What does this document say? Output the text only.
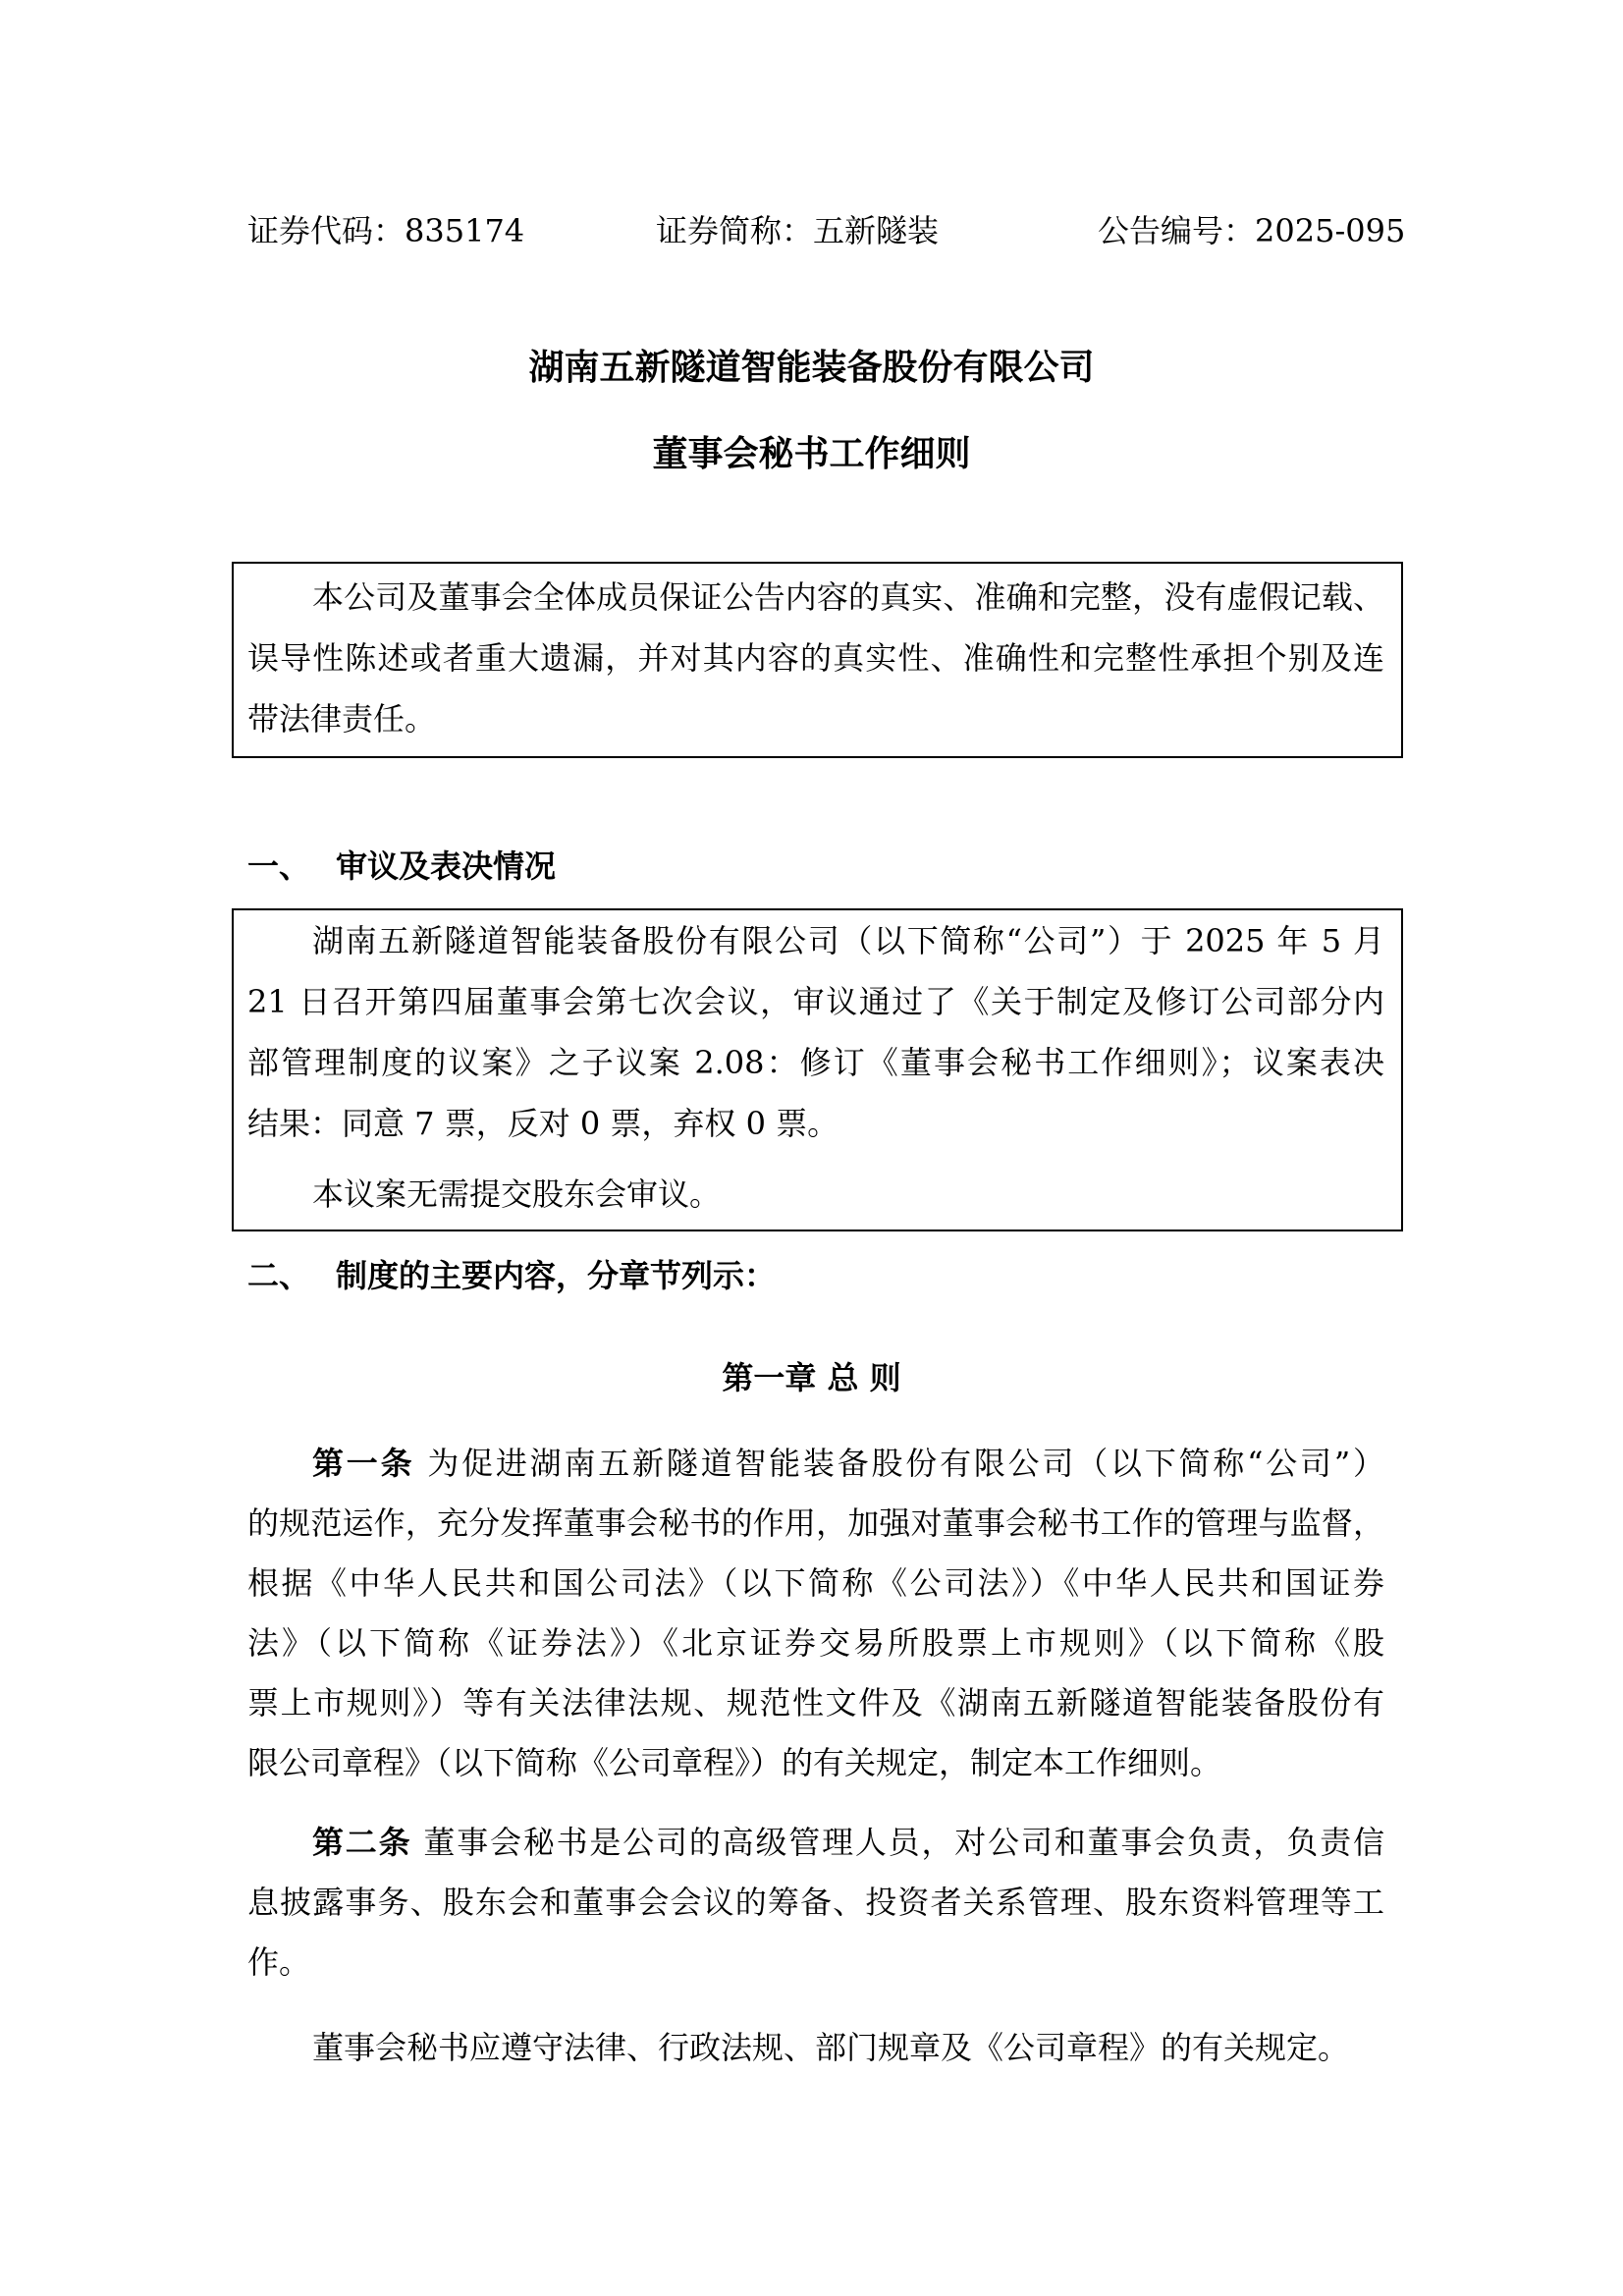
证券代码：835174	证券简称：五新隧装	公告编号：2025-095
湖南五新隧道智能装备股份有限公司
董事会秘书工作细则
本公司及董事会全体成员保证公告内容的真实、准确和完整，没有虚假记载、
误导性陈述或者重大遗漏，并对其内容的真实性、准确性和完整性承担个别及连
带法律责任。
一、 审议及表决情况
湖南五新隧道智能装备股份有限公司（以下简称“公司”）于 2025 年 5 月
21 日召开第四届董事会第七次会议，审议通过了《关于制定及修订公司部分内
部管理制度的议案》之子议案 2.08：修订《董事会秘书工作细则》；议案表决
结果：同意 7 票，反对 0 票，弃权 0 票。
本议案无需提交股东会审议。
二、 制度的主要内容，分章节列示：
第一章 总 则
第一条 为促进湖南五新隧道智能装备股份有限公司（以下简称“公司”）
的规范运作，充分发挥董事会秘书的作用，加强对董事会秘书工作的管理与监督，
根据《中华人民共和国公司法》（以下简称《公司法》）《中华人民共和国证券
法》（以下简称《证券法》）《北京证券交易所股票上市规则》（以下简称《股
票上市规则》）等有关法律法规、规范性文件及《湖南五新隧道智能装备股份有
限公司章程》（以下简称《公司章程》）的有关规定，制定本工作细则。
第二条 董事会秘书是公司的高级管理人员，对公司和董事会负责，负责信
息披露事务、股东会和董事会会议的筹备、投资者关系管理、股东资料管理等工
作。
董事会秘书应遵守法律、行政法规、部门规章及《公司章程》的有关规定。
